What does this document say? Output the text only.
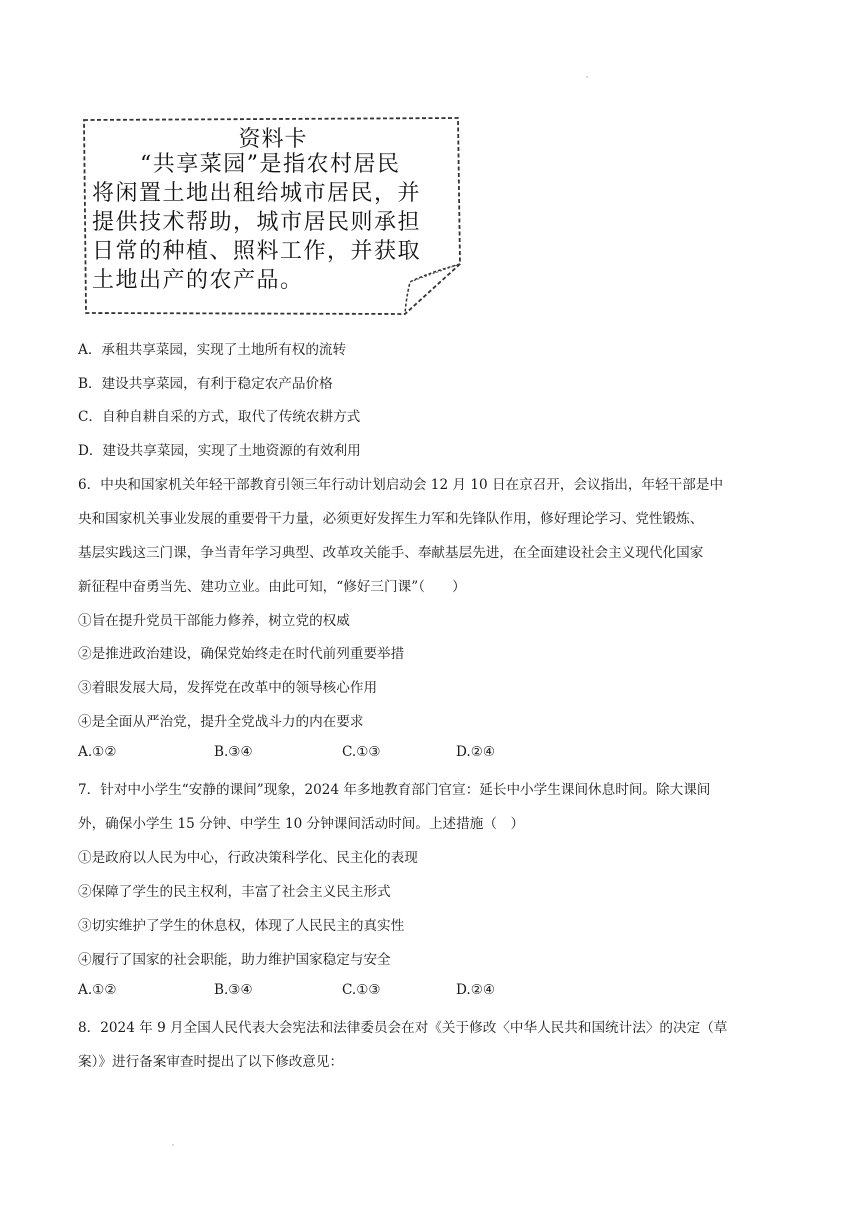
资料卡

“共享菜园”是指农村居民

将闲置土地出租给城市居民，并

提供技术帮助，城市居民则承担

日常的种植、照料工作，并获取

土地出产的农产品。

A．承租共享菜园，实现了土地所有权的流转
B．建设共享菜园，有利于稳定农产品价格
C．自种自耕自采的方式，取代了传统农耕方式
D．建设共享菜园，实现了土地资源的有效利用
6．中央和国家机关年轻干部教育引领三年行动计划启动会 12 月 10 日在京召开，会议指出，年轻干部是中
央和国家机关事业发展的重要骨干力量，必须更好发挥生力军和先锋队作用，修好理论学习、党性锻炼、
基层实践这三门课，争当青年学习典型、改革攻关能手、奉献基层先进，在全面建设社会主义现代化国家
新征程中奋勇当先、建功立业。由此可知，“修好三门课”（　　）
①旨在提升党员干部能力修养，树立党的权威
②是推进政治建设，确保党始终走在时代前列重要举措
③着眼发展大局，发挥党在改革中的领导核心作用
④是全面从严治党，提升全党战斗力的内在要求
A.①②	B.③④	C.①③	D.②④
7．针对中小学生“安静的课间”现象，2024 年多地教育部门官宣：延长中小学生课间休息时间。除大课间
外，确保小学生 15 分钟、中学生 10 分钟课间活动时间。上述措施（　）
①是政府以人民为中心，行政决策科学化、民主化的表现
②保障了学生的民主权利，丰富了社会主义民主形式
③切实维护了学生的休息权，体现了人民民主的真实性
④履行了国家的社会职能，助力维护国家稳定与安全
A.①②	B.③④	C.①③	D.②④
8．2024 年 9 月全国人民代表大会宪法和法律委员会在对《关于修改〈中华人民共和国统计法〉的决定（草
案）》进行备案审查时提出了以下修改意见：
